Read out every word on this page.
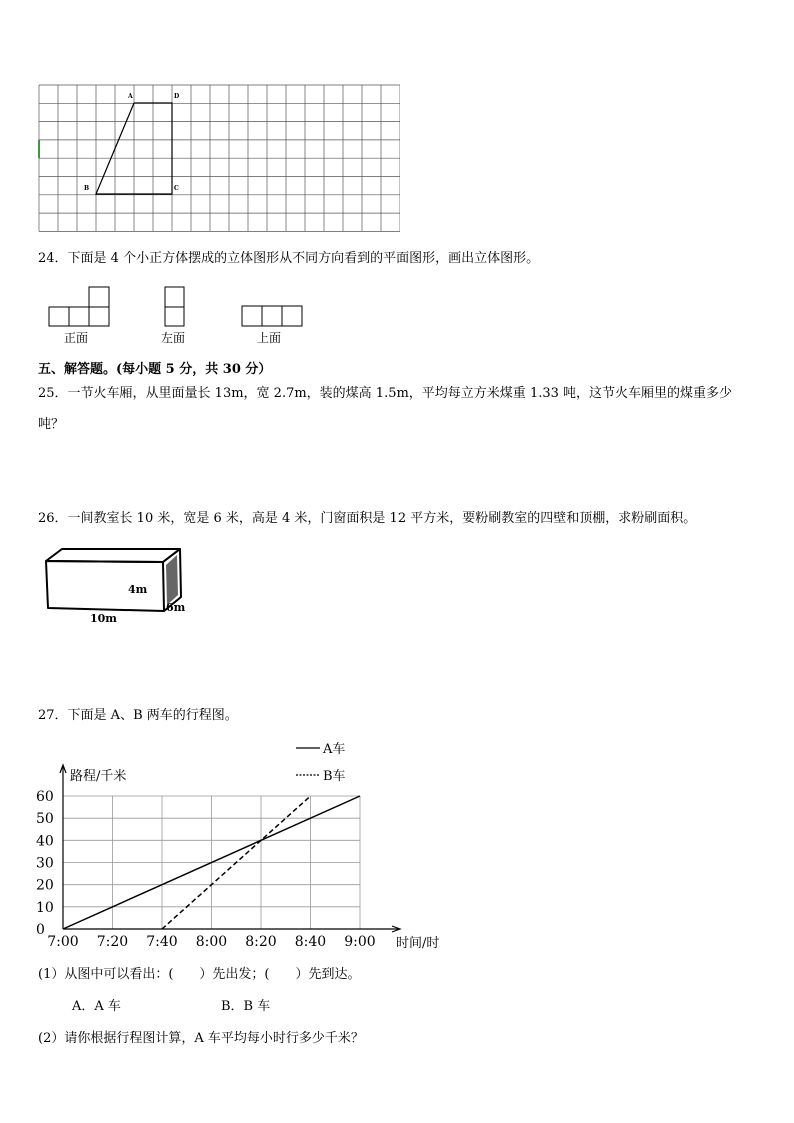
A	D
B	C
24．下面是 4 个小正方体摆成的立体图形从不同方向看到的平面图形，画出立体图形。
正面	左面	上面
五、解答题。(每小题 5 分，共 30 分）
25．一节火车厢，从里面量长 13m，宽 2.7m，装的煤高 1.5m，平均每立方米煤重 1.33 吨，这节火车厢里的煤重多少
吨？
26．一间教室长 10 米，宽是 6 米，高是 4 米，门窗面积是 12 平方米，要粉刷教室的四壁和顶棚，求粉刷面积。
4m
6m
10m
27．下面是 A、B 两车的行程图。
A车
B车
路程/千米
时间/时
0
10
20
30
40
50
60
7:00 7:20 7:40 8:00 8:20 8:40 9:00
(1）从图中可以看出：(　　）先出发；(　　）先到达。
A．A 车	B．B 车
(2）请你根据行程图计算，A 车平均每小时行多少千米？
